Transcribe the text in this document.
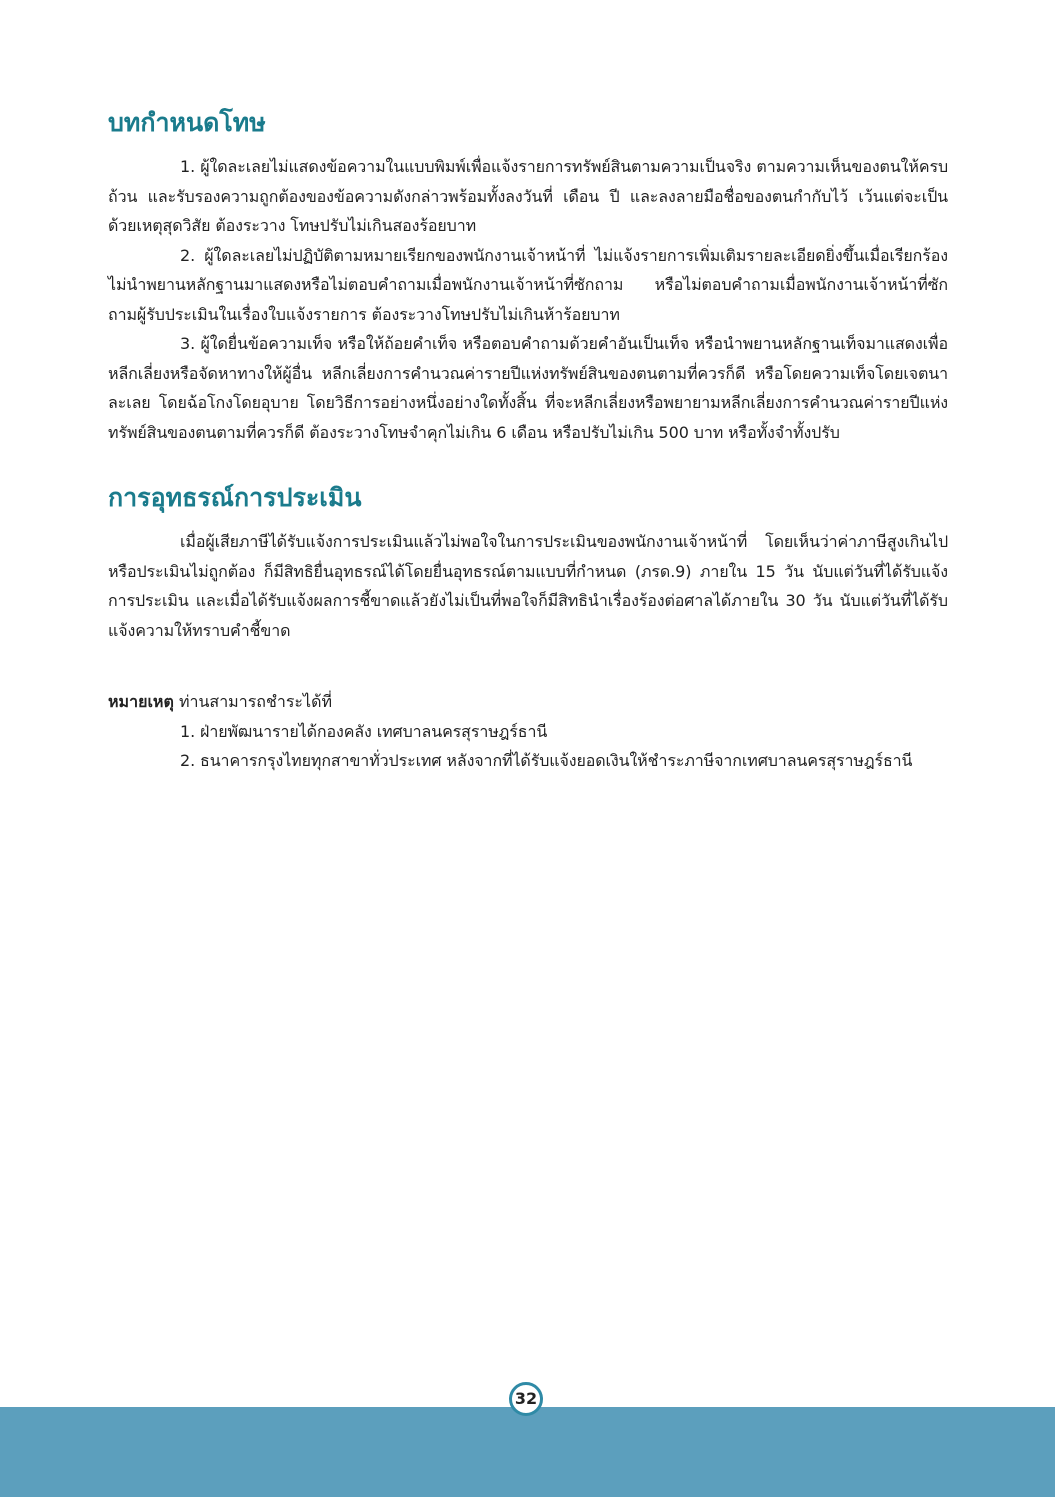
บทกำหนดโทษ

1. ผู้ใดละเลยไม่แสดงข้อความในแบบพิมพ์เพื่อแจ้งรายการทรัพย์สินตามความเป็นจริง ตามความเห็นของตนให้ครบถ้วน และรับรองความถูกต้องของข้อความดังกล่าวพร้อมทั้งลงวันที่ เดือน ปี และลงลายมือชื่อของตนกำกับไว้ เว้นแต่จะเป็นด้วยเหตุสุดวิสัย ต้องระวาง โทษปรับไม่เกินสองร้อยบาท

2. ผู้ใดละเลยไม่ปฏิบัติตามหมายเรียกของพนักงานเจ้าหน้าที่ ไม่แจ้งรายการเพิ่มเติมรายละเอียดยิ่งขึ้นเมื่อเรียกร้อง ไม่นำพยานหลักฐานมาแสดงหรือไม่ตอบคำถามเมื่อพนักงานเจ้าหน้าที่ซักถาม หรือไม่ตอบคำถามเมื่อพนักงานเจ้าหน้าที่ซักถามผู้รับประเมินในเรื่องใบแจ้งรายการ ต้องระวางโทษปรับไม่เกินห้าร้อยบาท

3. ผู้ใดยื่นข้อความเท็จ หรือให้ถ้อยคำเท็จ หรือตอบคำถามด้วยคำอันเป็นเท็จ หรือนำพยานหลักฐานเท็จมาแสดงเพื่อหลีกเลี่ยงหรือจัดหาทางให้ผู้อื่น หลีกเลี่ยงการคำนวณค่ารายปีแห่งทรัพย์สินของตนตามที่ควรก็ดี หรือโดยความเท็จโดยเจตนาละเลย โดยฉ้อโกงโดยอุบาย โดยวิธีการอย่างหนึ่งอย่างใดทั้งสิ้น ที่จะหลีกเลี่ยงหรือพยายามหลีกเลี่ยงการคำนวณค่ารายปีแห่งทรัพย์สินของตนตามที่ควรก็ดี ต้องระวางโทษจำคุกไม่เกิน 6 เดือน หรือปรับไม่เกิน 500 บาท หรือทั้งจำทั้งปรับ

การอุทธรณ์การประเมิน

เมื่อผู้เสียภาษีได้รับแจ้งการประเมินแล้วไม่พอใจในการประเมินของพนักงานเจ้าหน้าที่ โดยเห็นว่าค่าภาษีสูงเกินไป หรือประเมินไม่ถูกต้อง ก็มีสิทธิยื่นอุทธรณ์ได้โดยยื่นอุทธรณ์ตามแบบที่กำหนด (ภรด.9) ภายใน 15 วัน นับแต่วันที่ได้รับแจ้งการประเมิน และเมื่อได้รับแจ้งผลการชี้ขาดแล้วยังไม่เป็นที่พอใจก็มีสิทธินำเรื่องร้องต่อศาลได้ภายใน 30 วัน นับแต่วันที่ได้รับแจ้งความให้ทราบคำชี้ขาด

หมายเหตุ ท่านสามารถชำระได้ที่

1. ฝ่ายพัฒนารายได้กองคลัง เทศบาลนครสุราษฎร์ธานี

2. ธนาคารกรุงไทยทุกสาขาทั่วประเทศ หลังจากที่ได้รับแจ้งยอดเงินให้ชำระภาษีจากเทศบาลนครสุราษฎร์ธานี

32
